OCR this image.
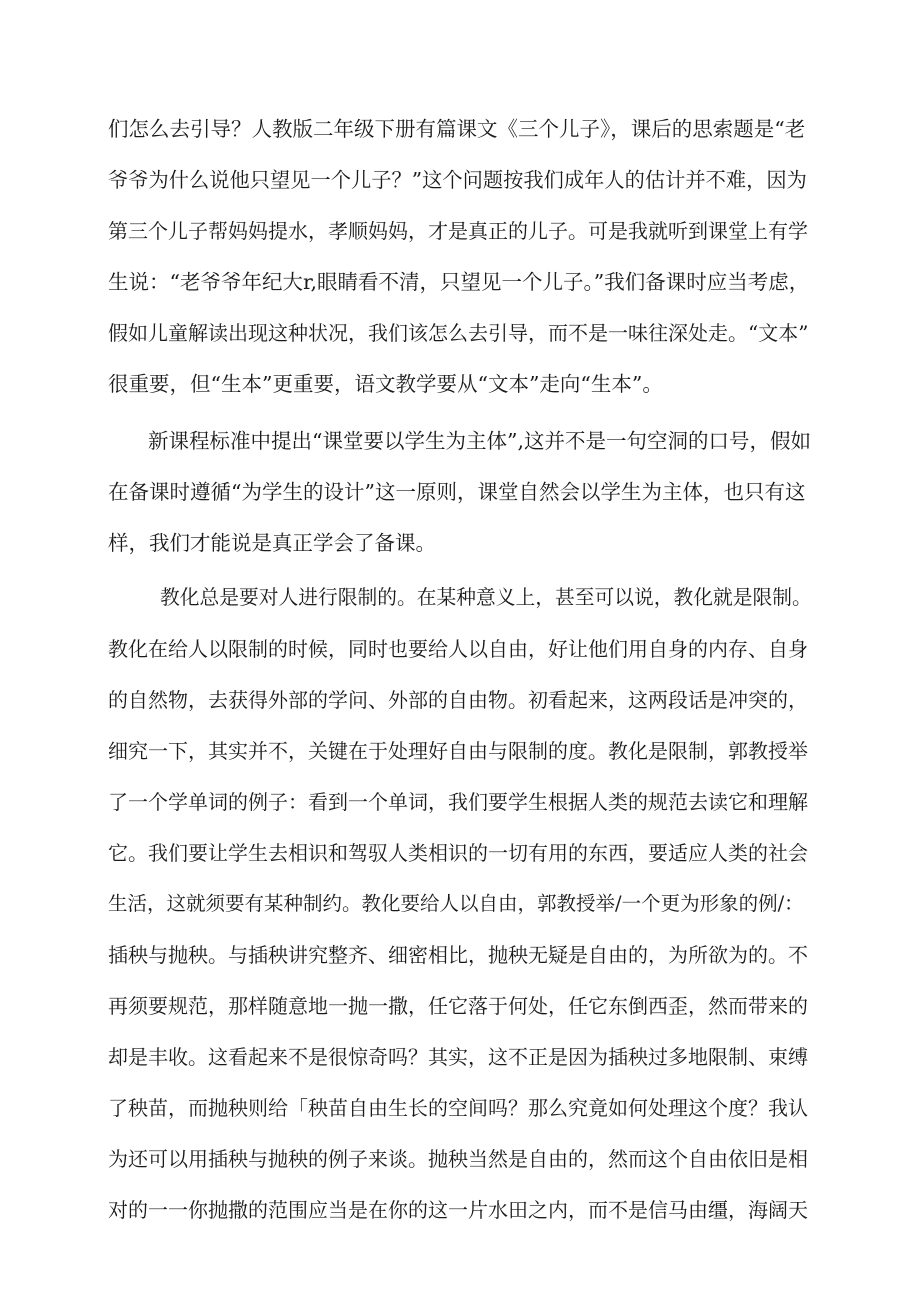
们怎么去引导？人教版二年级下册有篇课文《三个儿子》，课后的思索题是“老
爷爷为什么说他只望见一个儿子？”这个问题按我们成年人的估计并不难，因为
第三个儿子帮妈妈提水，孝顺妈妈，才是真正的儿子。可是我就听到课堂上有学
生说：“老爷爷年纪大r,眼睛看不清，只望见一个儿子。”我们备课时应当考虑，
假如儿童解读出现这种状况，我们该怎么去引导，而不是一味往深处走。“文本”
很重要，但“生本”更重要，语文教学要从“文本”走向“生本”。
新课程标准中提出“课堂要以学生为主体”,这并不是一句空洞的口号，假如
在备课时遵循“为学生的设计”这一原则，课堂自然会以学生为主体，也只有这
样，我们才能说是真正学会了备课。
教化总是要对人进行限制的。在某种意义上，甚至可以说，教化就是限制。
教化在给人以限制的时候，同时也要给人以自由，好让他们用自身的内存、自身
的自然物，去获得外部的学问、外部的自由物。初看起来，这两段话是冲突的，
细究一下，其实并不，关键在于处理好自由与限制的度。教化是限制，郭教授举
了一个学单词的例子：看到一个单词，我们要学生根据人类的规范去读它和理解
它。我们要让学生去相识和驾驭人类相识的一切有用的东西，要适应人类的社会
生活，这就须要有某种制约。教化要给人以自由，郭教授举/一个更为形象的例/：
插秧与抛秧。与插秧讲究整齐、细密相比，抛秧无疑是自由的，为所欲为的。不
再须要规范，那样随意地一抛一撒，任它落于何处，任它东倒西歪，然而带来的
却是丰收。这看起来不是很惊奇吗？其实，这不正是因为插秧过多地限制、束缚
了秧苗，而抛秧则给「秧苗自由生长的空间吗？那么究竟如何处理这个度？我认
为还可以用插秧与抛秧的例子来谈。抛秧当然是自由的，然而这个自由依旧是相
对的一一你抛撒的范围应当是在你的这一片水田之内，而不是信马由缰，海阔天
